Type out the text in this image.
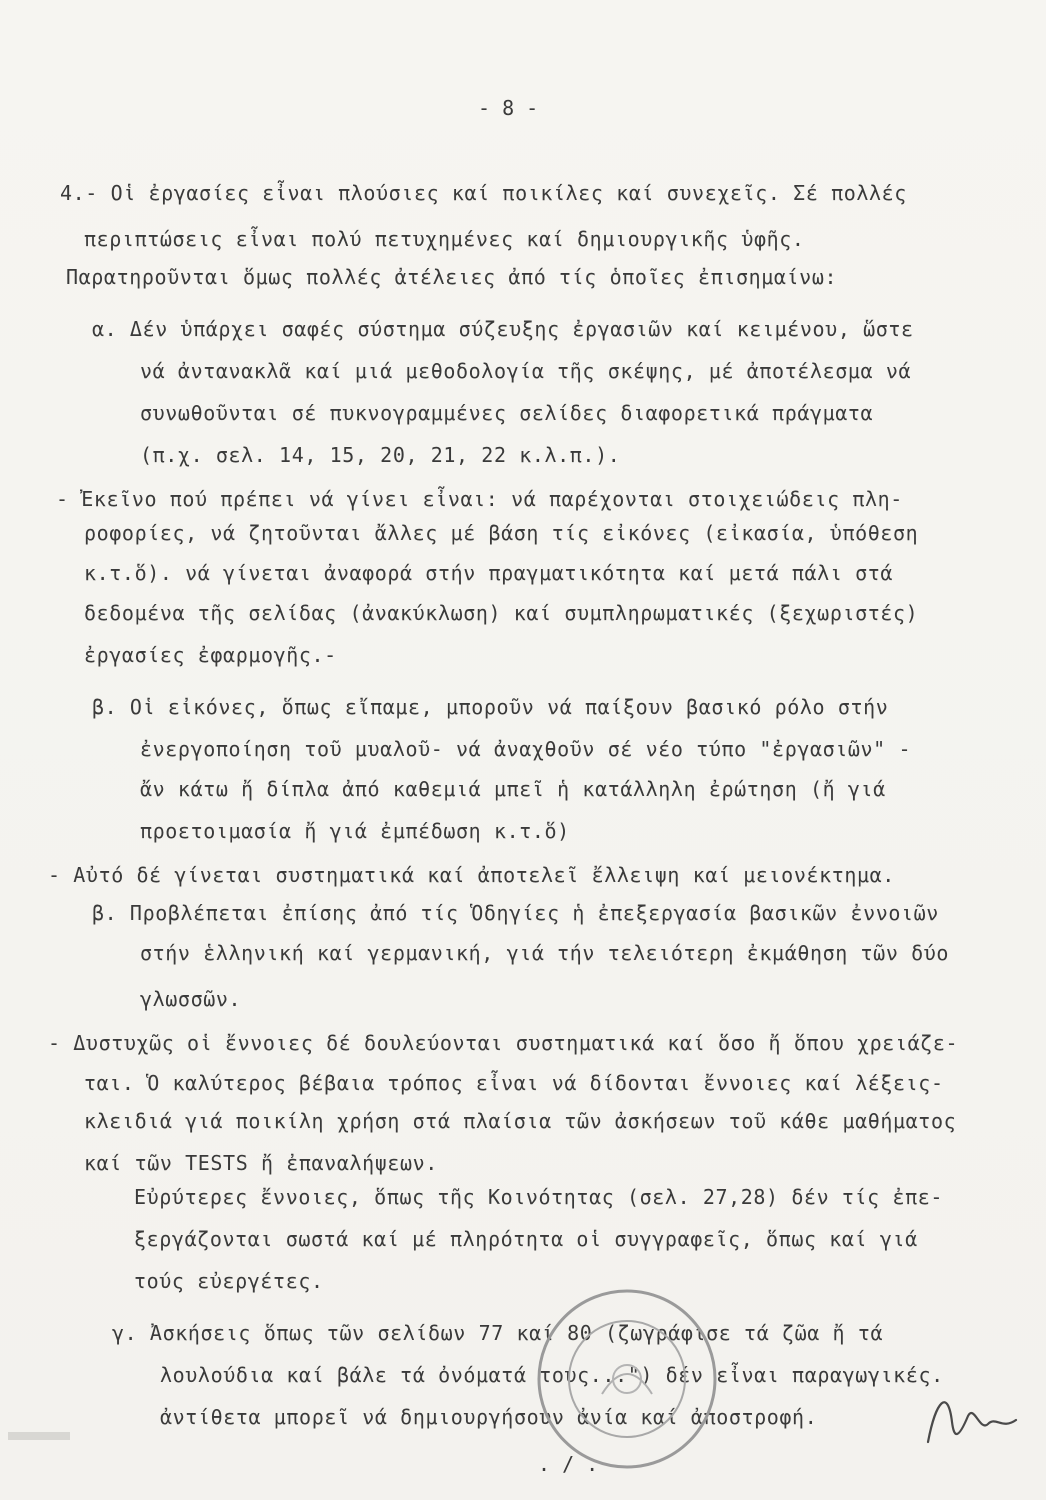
- 8 -
4.- Οἱ ἐργασίες εἶναι πλούσιες καί ποικίλες καί συνεχεῖς. Σέ πολλές
περιπτώσεις εἶναι πολύ πετυχημένες καί δημιουργικῆς ὑφῆς.
Παρατηροῦνται ὅμως πολλές ἀτέλειες ἀπό τίς ὁποῖες ἐπισημαίνω:
α. Δέν ὑπάρχει σαφές σύστημα σύζευξης ἐργασιῶν καί κειμένου, ὥστε
νά ἀντανακλᾶ καί μιά μεθοδολογία τῆς σκέψης, μέ ἀποτέλεσμα νά
συνωθοῦνται σέ πυκνογραμμένες σελίδες διαφορετικά πράγματα
(π.χ. σελ. 14, 15, 20, 21, 22 κ.λ.π.).
- Ἐκεῖνο πού πρέπει νά γίνει εἶναι: νά παρέχονται στοιχειώδεις πλη-
ροφορίες, νά ζητοῦνται ἄλλες μέ βάση τίς εἰκόνες (εἰκασία, ὑπόθεση
κ.τ.ὅ). νά γίνεται ἀναφορά στήν πραγματικότητα καί μετά πάλι στά
δεδομένα τῆς σελίδας (ἀνακύκλωση) καί συμπληρωματικές (ξεχωριστές)
ἐργασίες ἐφαρμογῆς.-
β. Οἱ εἰκόνες, ὅπως εἴπαμε, μποροῦν νά παίξουν βασικό ρόλο στήν
ἐνεργοποίηση τοῦ μυαλοῦ- νά ἀναχθοῦν σέ νέο τύπο "ἐργασιῶν" -
ἄν κάτω ἤ δίπλα ἀπό καθεμιά μπεῖ ἡ κατάλληλη ἐρώτηση (ἤ γιά
προετοιμασία ἤ γιά ἐμπέδωση κ.τ.ὅ)
- Αὐτό δέ γίνεται συστηματικά καί ἀποτελεῖ ἔλλειψη καί μειονέκτημα.
β. Προβλέπεται ἐπίσης ἀπό τίς Ὁδηγίες ἡ ἐπεξεργασία βασικῶν ἐννοιῶν
στήν ἑλληνική καί γερμανική, γιά τήν τελειότερη ἐκμάθηση τῶν δύο
γλωσσῶν.
- Δυστυχῶς οἱ ἔννοιες δέ δουλεύονται συστηματικά καί ὅσο ἤ ὅπου χρειάζε-
ται. Ὁ καλύτερος βέβαια τρόπος εἶναι νά δίδονται ἔννοιες καί λέξεις-
κλειδιά γιά ποικίλη χρήση στά πλαίσια τῶν ἀσκήσεων τοῦ κάθε μαθήματος
καί τῶν TESTS ἤ ἐπαναλήψεων.
Εὐρύτερες ἔννοιες, ὅπως τῆς Κοινότητας (σελ. 27,28) δέν τίς ἐπε-
ξεργάζονται σωστά καί μέ πληρότητα οἱ συγγραφεῖς, ὅπως καί γιά
τούς εὐεργέτες.
γ. Ἀσκήσεις ὅπως τῶν σελίδων 77 καί 80 (ζωγράφισε τά ζῶα ἤ τά
λουλούδια καί βάλε τά ὀνόματά τους...") δέν εἶναι παραγωγικές.
ἀντίθετα μπορεῖ νά δημιουργήσουν ἀνία καί ἀποστροφή.
. / .
